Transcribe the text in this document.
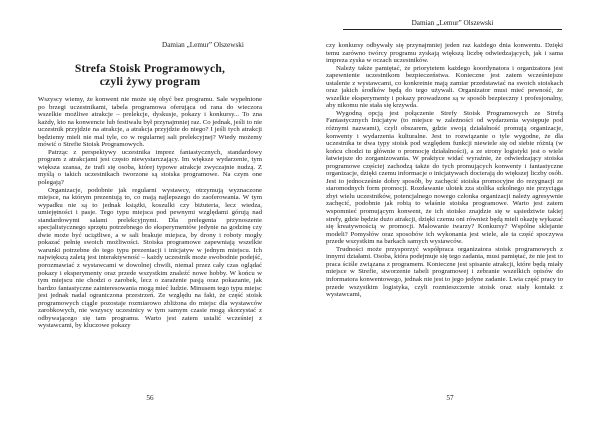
Damian „Lemur” Olszewski
Strefa Stoisk Programowych,
czyli żywy program

Wszyscy wiemy, że konwent nie może się obyć bez programu. Sale wypełnione po brzegi uczestnikami, tabela programowa oferująca od rana do wieczora wszelkie możliwe atrakcje – prelekcje, dyskusje, pokazy i konkursy... To zna każdy, kto na konwencie lub festiwalu był przynajmniej raz. Co jednak, jeśli to nie uczestnik przyjdzie na atrakcje, a atrakcja przyjdzie do niego? I jeśli tych atrakcji będziemy mieli nie mal tyle, co w regularnej sali prelekcyjnej? Wtedy możemy mówić o Strefie Stoisk Programowych.

Patrząc z perspektywy uczestnika imprez fantastycznych, standardowy program z atrakcjami jest często niewystarczający. Im większe wydarzenie, tym większa szansa, że trafi się osoba, której typowe atrakcje zwyczajnie nudzą. Z myślą o takich uczestnikach tworzone są stoiska programowe. Na czym one polegają?

Organizacje, podobnie jak regularni wystawcy, otrzymują wyznaczone miejsce, na którym prezentują to, co mają najlepszego do zaoferowania. W tym wypadku nie są to jednak książki, koszulki czy biżuteria, lecz wiedza, umiejętności i pasje. Tego typu miejsca pod pewnymi względami górują nad standardowymi salami prelekcyjnymi. Dla prelegenta przynoszenie specjalistycznego sprzętu potrzebnego do eksperymentów jedynie na godzinę czy dwie może być uciążliwe, a w sali brakuje miejsca, by drony i roboty mogły pokazać pełnię swoich możliwości. Stoiska programowe zapewniają wszelkie warunki potrzebne do tego typu prezentacji i inicjatyw w jednym miejscu. Ich największą zaletą jest interaktywność – każdy uczestnik może swobodnie podejść, porozmawiać z wystawcami w dowolnej chwili, niemal przez cały czas oglądać pokazy i eksperymenty oraz przede wszystkim znaleźć nowe hobby. W końcu w tym miejscu nie chodzi o zarobek, lecz o zarażenie pasją oraz pokazanie, jak bardzo fantastyczne zainteresowania mogą mieć ludzie. Minusem tego typu miejsc jest jednak nadal ograniczona przestrzeń. Ze względu na fakt, że część stoisk programowych ciągle pozostaje rozmiarowo zbliżona do miejsc dla wystawców zarobkowych, nie wszyscy uczestnicy w tym samym czasie mogą skorzystać z odbywającego się tam programu. Warto jest zatem ustalić wcześniej z wystawcami, by kluczowe pokazy

56
Damian „Lemur” Olszewski

czy konkursy odbywały się przynajmniej jeden raz każdego dnia konwentu. Dzięki temu zarówno twórcy programu zyskają większą liczbę odwiedzających, jak i sama impreza zyska w oczach uczestników.

Należy także pamiętać, że priorytetem każdego koordynatora i organizatora jest zapewnienie uczestnikom bezpieczeństwa. Konieczne jest zatem wcześniejsze ustalenie z wystawcami, co konkretnie mają zamiar przedstawiać na swoich stoiskach oraz jakich środków będą do tego używali. Organizator musi mieć pewność, że wszelkie eksperymenty i pokazy prowadzone są w sposób bezpieczny i profesjonalny, aby nikomu nie stała się krzywda.

Wygodną opcją jest połączenie Strefy Stoisk Programowych ze Strefą Fantastycznych Inicjatyw (to miejsce w zależności od wydarzenia występuje pod różnymi nazwami), czyli obszarem, gdzie swoją działalność promują organizacje, konwenty i wydarzenia kulturalne. Jest to rozwiązanie o tyle wygodne, że dla uczestnika te dwa typy stoisk pod względem funkcji niewiele się od siebie różnią (w końcu chodzi tu głównie o promocję działalności), a ze strony logistyki jest o wiele łatwiejsze do zorganizowania. W praktyce widać wyraźnie, że odwiedzający stoiska programowe częściej zachodzą także do tych promujących konwenty i fantastyczne organizacje, dzięki czemu informacje o inicjatywach docierają do większej liczby osób. Jest to jednocześnie dobry sposób, by zachęcić stoiska promocyjne do rezygnacji ze staromodnych form promocji. Rozdawanie ulotek zza stolika szkolnego nie przyciąga zbyt wielu uczestników, potencjalnego nowego członka organizacji należy agresywnie zachęcić, podobnie jak robią to właśnie stoiska programowe. Warto jest zatem wspomnieć promującym konwent, że ich stoisko znajdzie się w sąsiedztwie takiej strefy, gdzie będzie dużo atrakcji, dzięki czemu oni również będą mieli okazję wykazać się kreatywnością w promocji. Malowanie twarzy? Konkursy? Wspólne sklejanie modeli? Pomysłów oraz sposobów ich wykonania jest wiele, ale ta część spoczywa przede wszystkim na barkach samych wystawców.

Trudności może przysporzyć współpraca organizatora stoisk programowych z innymi działami. Osoba, która podejmuje się tego zadania, musi pamiętać, że nie jest to praca ściśle związana z programem. Konieczne jest spisanie atrakcji, które będą miały miejsce w Strefie, stworzenie tabeli programowej i zebranie wszelkich opisów do informatora konwentowego, jednak nie jest to jego jedyne zadanie. Lwia część pracy to przede wszystkim logistyka, czyli rozmieszczenie stoisk oraz stały kontakt z wystawcami,

57
